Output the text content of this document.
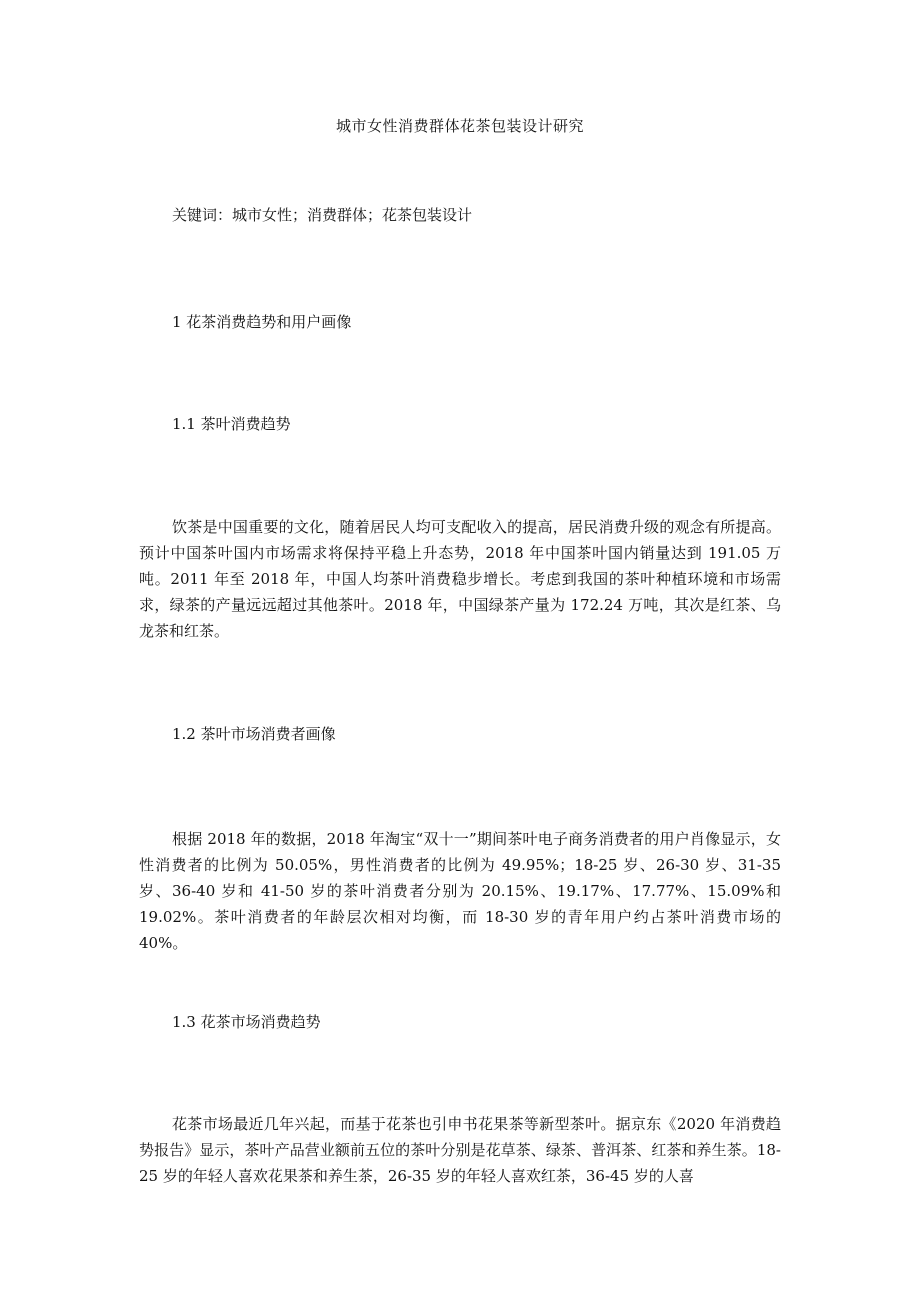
城市女性消费群体花茶包装设计研究
关键词：城市女性；消费群体；花茶包装设计
1 花茶消费趋势和用户画像
1.1 茶叶消费趋势

饮茶是中国重要的文化，随着居民人均可支配收入的提高，居民消费升级的观念有所提高。预计中国茶叶国内市场需求将保持平稳上升态势，2018 年中国茶叶国内销量达到 191.05 万吨。2011 年至 2018 年，中国人均茶叶消费稳步增长。考虑到我国的茶叶种植环境和市场需求，绿茶的产量远远超过其他茶叶。2018 年，中国绿茶产量为 172.24 万吨，其次是红茶、乌龙茶和红茶。

1.2 茶叶市场消费者画像

根据 2018 年的数据，2018 年淘宝“双十一”期间茶叶电子商务消费者的用户肖像显示，女性消费者的比例为 50.05%，男性消费者的比例为 49.95%；18-25 岁、26-30 岁、31-35 岁、36-40 岁和 41-50 岁的茶叶消费者分别为 20.15%、19.17%、17.77%、15.09%和 19.02%。茶叶消费者的年龄层次相对均衡，而 18-30 岁的青年用户约占茶叶消费市场的 40%。

1.3 花茶市场消费趋势

花茶市场最近几年兴起，而基于花茶也引申书花果茶等新型茶叶。据京东《2020 年消费趋势报告》显示，茶叶产品营业额前五位的茶叶分别是花草茶、绿茶、普洱茶、红茶和养生茶。18-25 岁的年轻人喜欢花果茶和养生茶，26-35 岁的年轻人喜欢红茶，36-45 岁的人喜
